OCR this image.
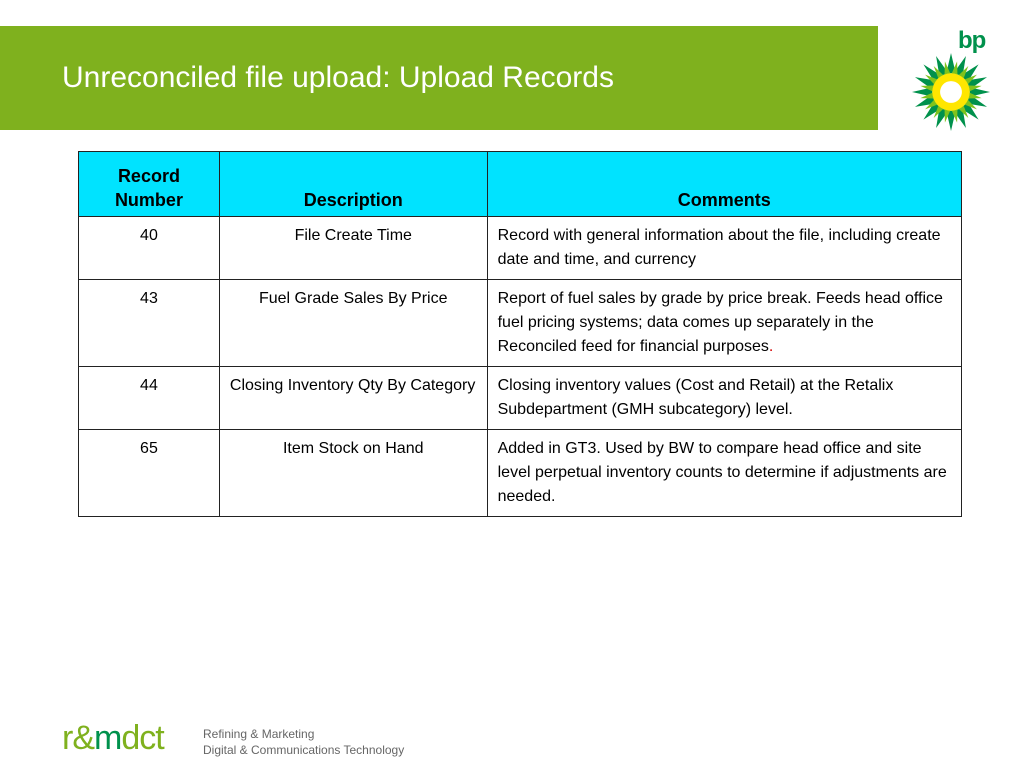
Unreconciled file upload: Upload Records
bp
Record Number	Description	Comments
40	File Create Time	Record with general information about the file, including create date and time, and currency
43	Fuel Grade Sales By Price	Report of fuel sales by grade by price break. Feeds head office fuel pricing systems; data comes up separately in the Reconciled feed for financial purposes.
44	Closing Inventory Qty By Category	Closing inventory values (Cost and Retail) at the Retalix Subdepartment (GMH subcategory) level.
65	Item Stock on Hand	Added in GT3. Used by BW to compare head office and site level perpetual inventory counts to determine if adjustments are needed.
r&mdct	Refining & Marketing
Digital & Communications Technology
